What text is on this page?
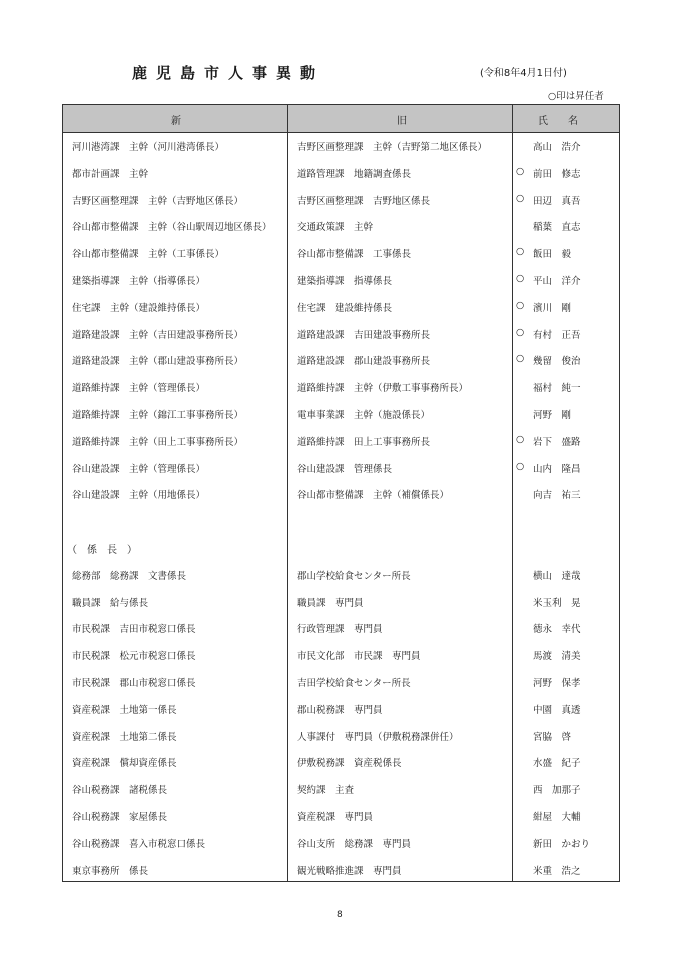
鹿児島市人事異動	(令和8年4月1日付)
○印は昇任者
新	旧	氏　　名
河川港湾課　主幹（河川港湾係長）	吉野区画整理課　主幹（吉野第二地区係長）	高山　浩介
都市計画課　主幹	道路管理課　地籍調査係長	○ 前田　修志
吉野区画整理課　主幹（吉野地区係長）	吉野区画整理課　吉野地区係長	○ 田辺　真吾
谷山都市整備課　主幹（谷山駅周辺地区係長）	交通政策課　主幹	稲葉　直志
谷山都市整備課　主幹（工事係長）	谷山都市整備課　工事係長	○ 飯田　毅
建築指導課　主幹（指導係長）	建築指導課　指導係長	○ 平山　洋介
住宅課　主幹（建設維持係長）	住宅課　建設維持係長	○ 濱川　剛
道路建設課　主幹（吉田建設事務所長）	道路建設課　吉田建設事務所長	○ 有村　正吾
道路建設課　主幹（郡山建設事務所長）	道路建設課　郡山建設事務所長	○ 幾留　俊治
道路維持課　主幹（管理係長）	道路維持課　主幹（伊敷工事事務所長）	福村　純一
道路維持課　主幹（錦江工事事務所長）	電車事業課　主幹（施設係長）	河野　剛
道路維持課　主幹（田上工事事務所長）	道路維持課　田上工事事務所長	○ 岩下　盛路
谷山建設課　主幹（管理係長）	谷山建設課　管理係長	○ 山内　隆昌
谷山建設課　主幹（用地係長）	谷山都市整備課　主幹（補償係長）	向吉　祐三
（　係　長　）
総務部　総務課　文書係長	郡山学校給食センター所長	横山　達哉
職員課　給与係長	職員課　専門員	米玉利　晃
市民税課　吉田市税窓口係長	行政管理課　専門員	德永　幸代
市民税課　松元市税窓口係長	市民文化部　市民課　専門員	馬渡　清美
市民税課　郡山市税窓口係長	吉田学校給食センター所長	河野　保孝
資産税課　土地第一係長	郡山税務課　専門員	中園　真透
資産税課　土地第二係長	人事課付　専門員（伊敷税務課併任）	宮脇　啓
資産税課　償却資産係長	伊敷税務課　資産税係長	水盛　紀子
谷山税務課　諸税係長	契約課　主査	西　加那子
谷山税務課　家屋係長	資産税課　専門員	紺屋　大輔
谷山税務課　喜入市税窓口係長	谷山支所　総務課　専門員	新田　かおり
東京事務所　係長	観光戦略推進課　専門員	米重　浩之
8
